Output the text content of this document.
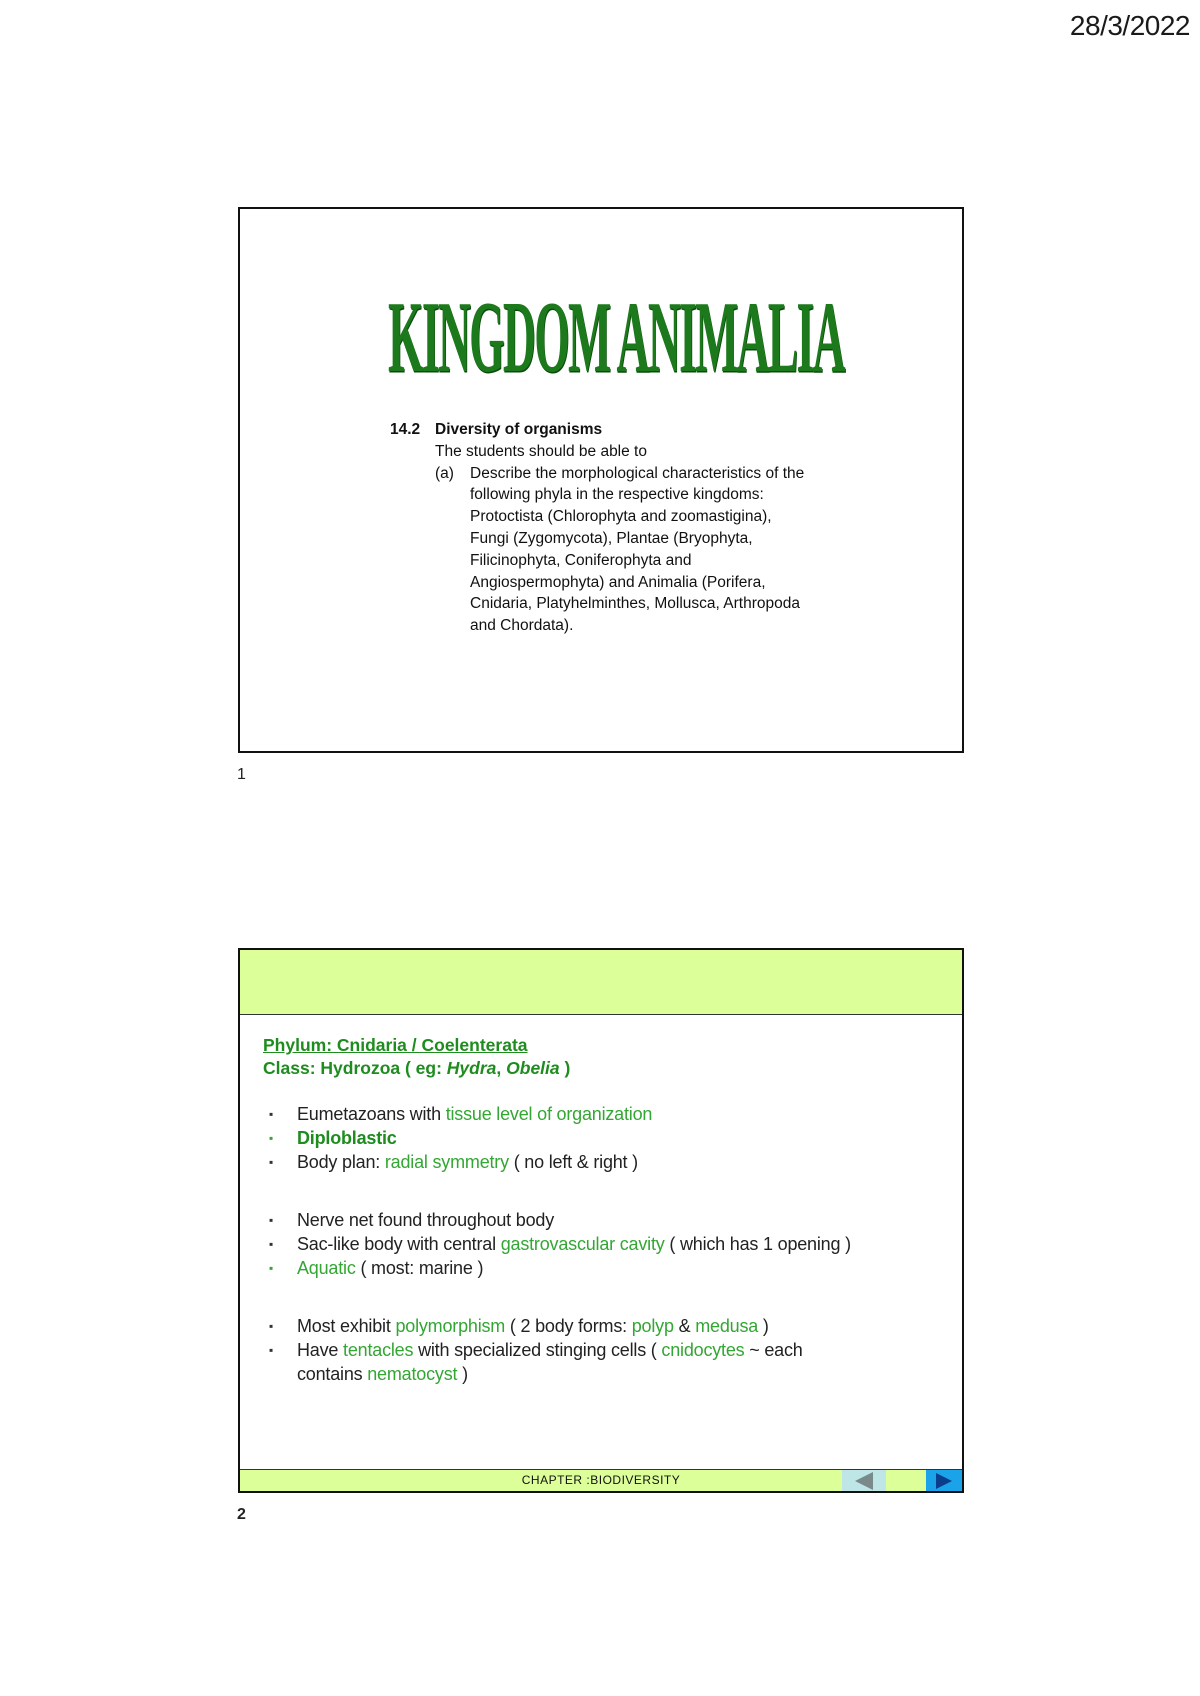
28/3/2022
KINGDOM ANIMALIA
14.2 Diversity of organisms
The students should be able to
(a)	Describe the morphological characteristics of the
following phyla in the respective kingdoms:
Protoctista (Chlorophyta and zoomastigina),
Fungi (Zygomycota), Plantae (Bryophyta,
Filicinophyta, Coniferophyta and
Angiospermophyta) and Animalia (Porifera,
Cnidaria, Platyhelminthes, Mollusca, Arthropoda
and Chordata).
1
Phylum: Cnidaria / Coelenterata
Class: Hydrozoa ( eg: Hydra, Obelia )
▪ Eumetazoans with tissue level of organization
▪ Diploblastic
▪ Body plan: radial symmetry ( no left & right )
▪ Nerve net found throughout body
▪ Sac-like body with central gastrovascular cavity ( which has 1 opening )
▪ Aquatic ( most: marine )
▪ Most exhibit polymorphism ( 2 body forms: polyp & medusa )
▪ Have tentacles with specialized stinging cells ( cnidocytes ~ each contains nematocyst )
CHAPTER :BIODIVERSITY
2
